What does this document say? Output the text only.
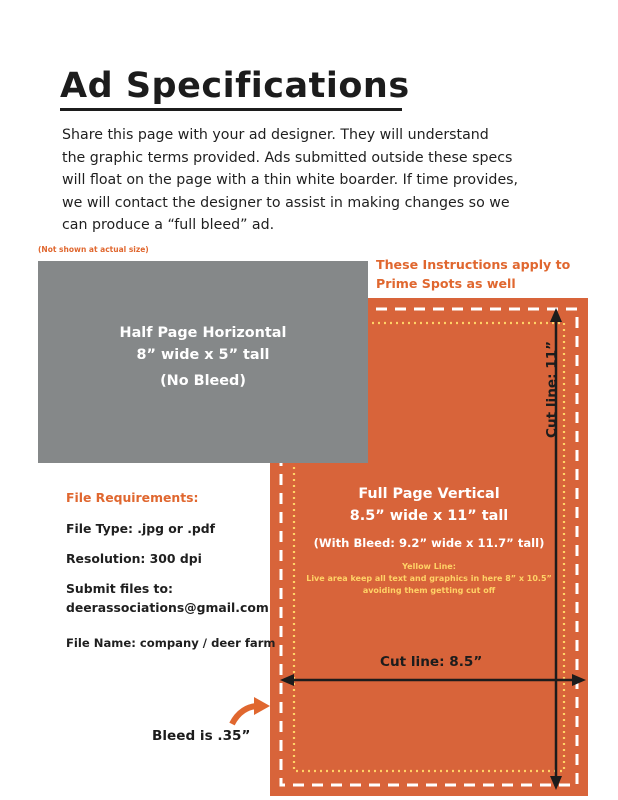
Ad Specifications
Share this page with your ad designer. They will understand
the graphic terms provided. Ads submitted outside these specs
will float on the page with a thin white boarder. If time provides,
we will contact the designer to assist in making changes so we
can produce a “full bleed” ad.
(Not shown at actual size)
These Instructions apply to
Prime Spots as well
Full Page Vertical
8.5” wide x 11” tall
(With Bleed: 9.2” wide x 11.7” tall)
Yellow Line:
Live area keep all text and graphics in here 8” x 10.5”
avoiding them getting cut off
Half Page Horizontal
8” wide x 5” tall
(No Bleed)
File Requirements:
File Type: .jpg or .pdf
Resolution: 300 dpi
Submit files to:
deerassociations@gmail.com
File Name: company / deer farm
Cut line: 8.5”
Cut line: 11”
Bleed is .35”
